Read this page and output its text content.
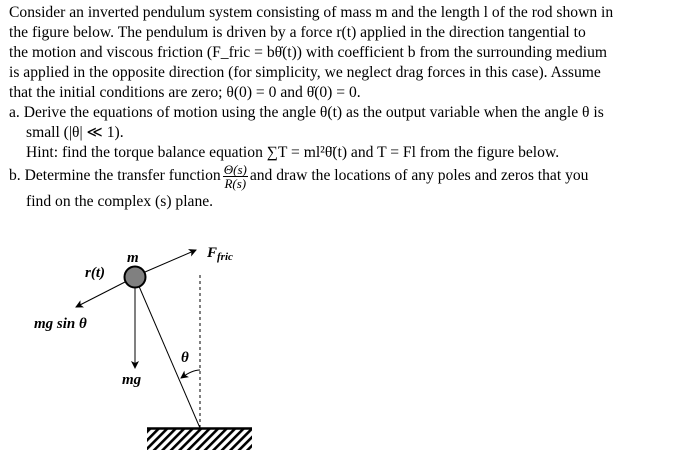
Consider an inverted pendulum system consisting of mass m and the length l of the rod shown in
the figure below. The pendulum is driven by a force r(t) applied in the direction tangential to
the motion and viscous friction (F_fric = bθ̇(t)) with coefficient b from the surrounding medium
is applied in the opposite direction (for simplicity, we neglect drag forces in this case). Assume
that the initial conditions are zero; θ(0) = 0 and θ̇(0) = 0.
a. Derive the equations of motion using the angle θ(t) as the output variable when the angle θ is
small (|θ| ≪ 1).
Hint: find the torque balance equation ∑T = ml²θ̈(t) and T = Fl from the figure below.
b. Determine the transfer function $\frac{\Theta(s)}{R(s)}$ and draw the locations of any poles and zeros that you
find on the complex (s) plane.
m
r(t)
mg sin θ
mg
θ
$F_{fric}$
